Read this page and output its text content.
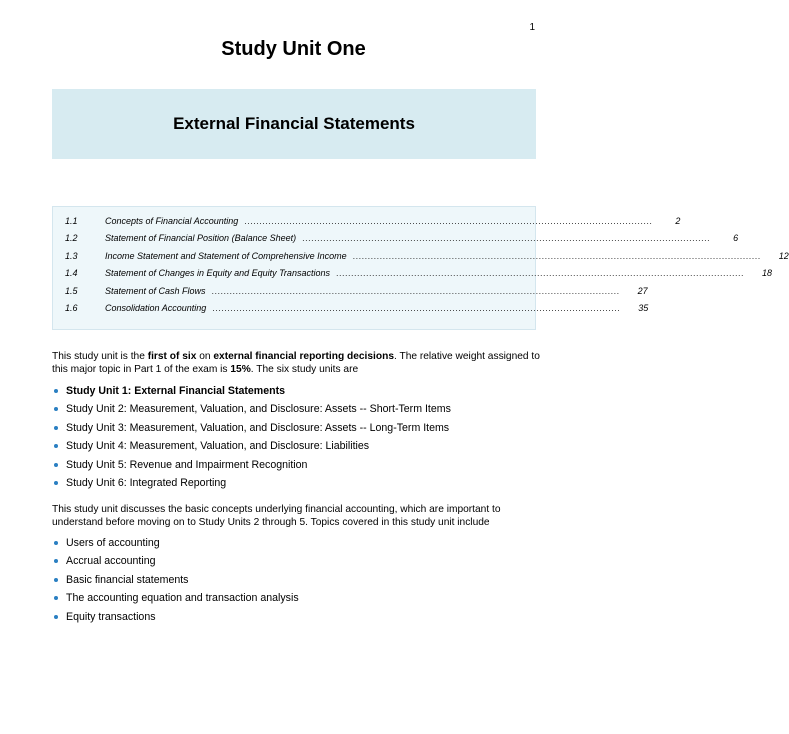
1
Study Unit One
External Financial Statements
1.1	Concepts of Financial Accounting ........................................................................................................................................	2
1.2	Statement of Financial Position (Balance Sheet) ........................................................................................................................................	6
1.3	Income Statement and Statement of Comprehensive Income ........................................................................................................................................	12
1.4	Statement of Changes in Equity and Equity Transactions ........................................................................................................................................	18
1.5	Statement of Cash Flows ........................................................................................................................................	27
1.6	Consolidation Accounting ........................................................................................................................................	35
This study unit is the first of six on external financial reporting decisions. The relative weight assigned to this major topic in Part 1 of the exam is 15%. The six study units are
Study Unit 1: External Financial Statements
Study Unit 2: Measurement, Valuation, and Disclosure: Assets -- Short-Term Items
Study Unit 3: Measurement, Valuation, and Disclosure: Assets -- Long-Term Items
Study Unit 4: Measurement, Valuation, and Disclosure: Liabilities
Study Unit 5: Revenue and Impairment Recognition
Study Unit 6: Integrated Reporting
This study unit discusses the basic concepts underlying financial accounting, which are important to understand before moving on to Study Units 2 through 5. Topics covered in this study unit include
Users of accounting
Accrual accounting
Basic financial statements
The accounting equation and transaction analysis
Equity transactions
